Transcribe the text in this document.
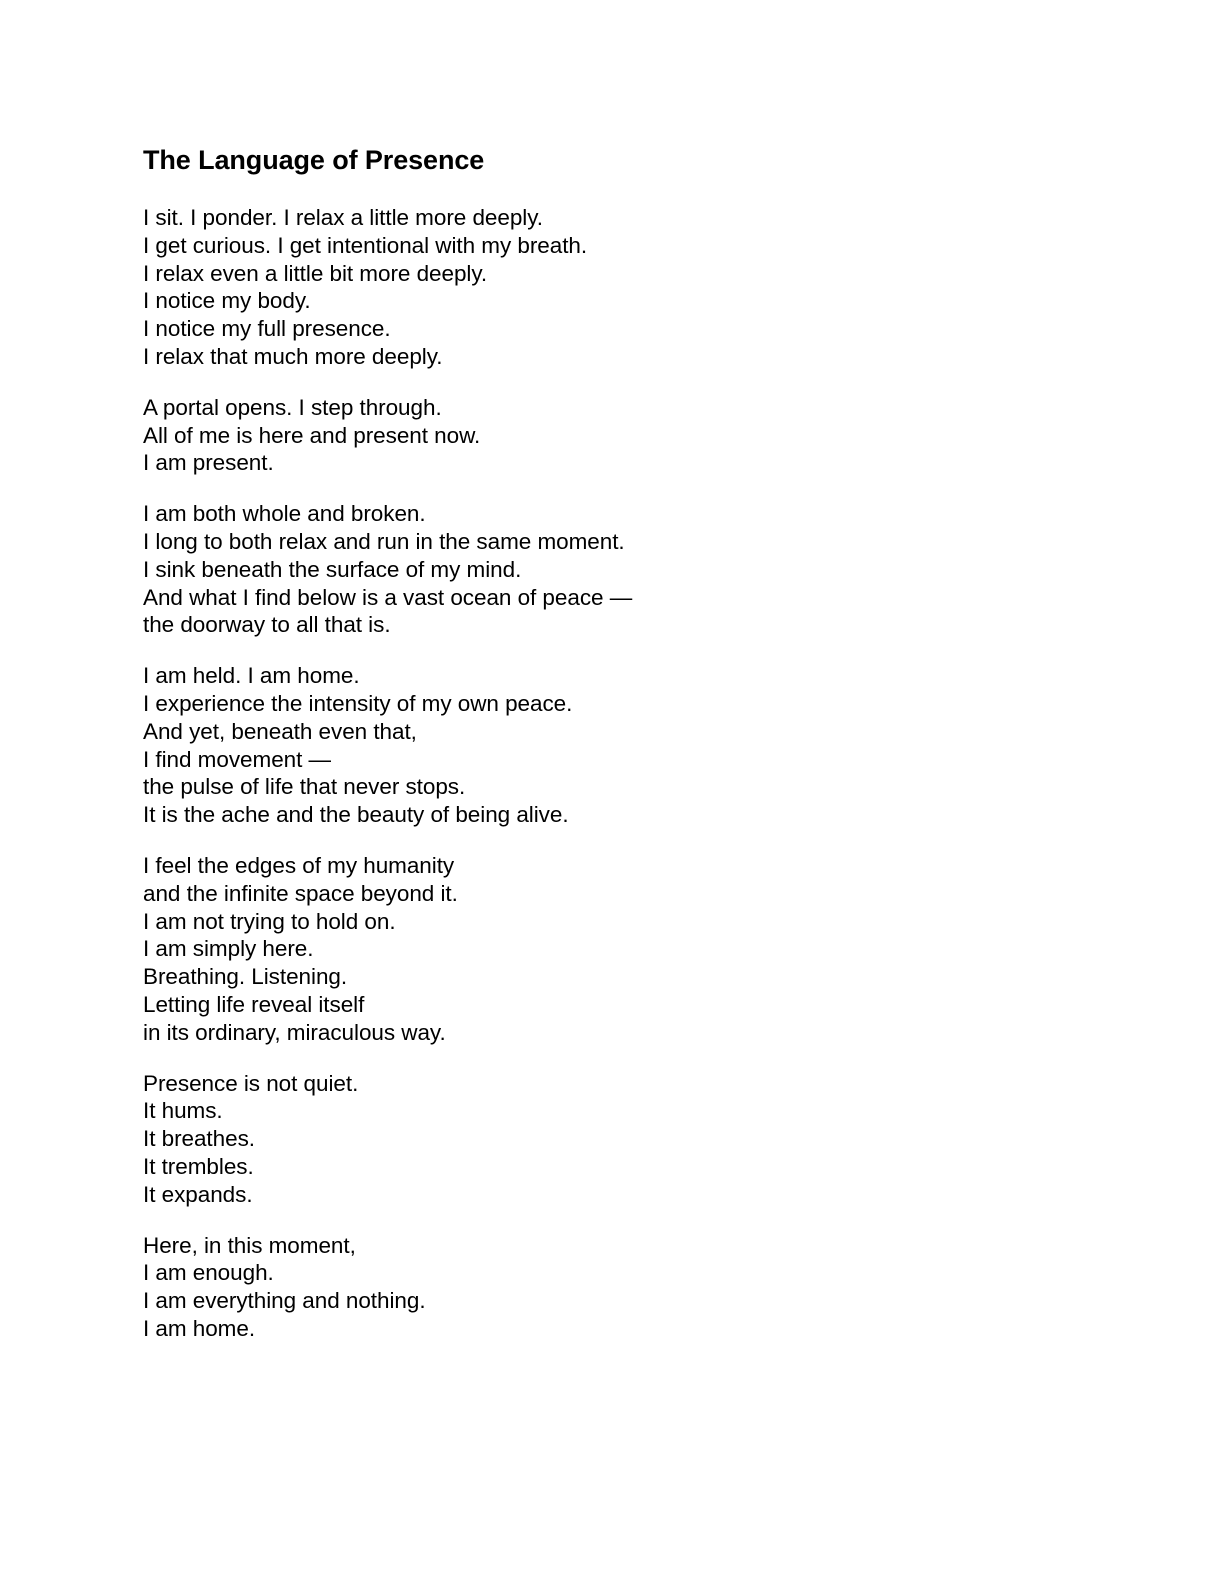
The Language of Presence
I sit. I ponder. I relax a little more deeply.
I get curious. I get intentional with my breath.
I relax even a little bit more deeply.
I notice my body.
I notice my full presence.
I relax that much more deeply.
A portal opens. I step through.
All of me is here and present now.
I am present.
I am both whole and broken.
I long to both relax and run in the same moment.
I sink beneath the surface of my mind.
And what I find below is a vast ocean of peace —
the doorway to all that is.
I am held. I am home.
I experience the intensity of my own peace.
And yet, beneath even that,
I find movement —
the pulse of life that never stops.
It is the ache and the beauty of being alive.
I feel the edges of my humanity
and the infinite space beyond it.
I am not trying to hold on.
I am simply here.
Breathing. Listening.
Letting life reveal itself
in its ordinary, miraculous way.
Presence is not quiet.
It hums.
It breathes.
It trembles.
It expands.
Here, in this moment,
I am enough.
I am everything and nothing.
I am home.
